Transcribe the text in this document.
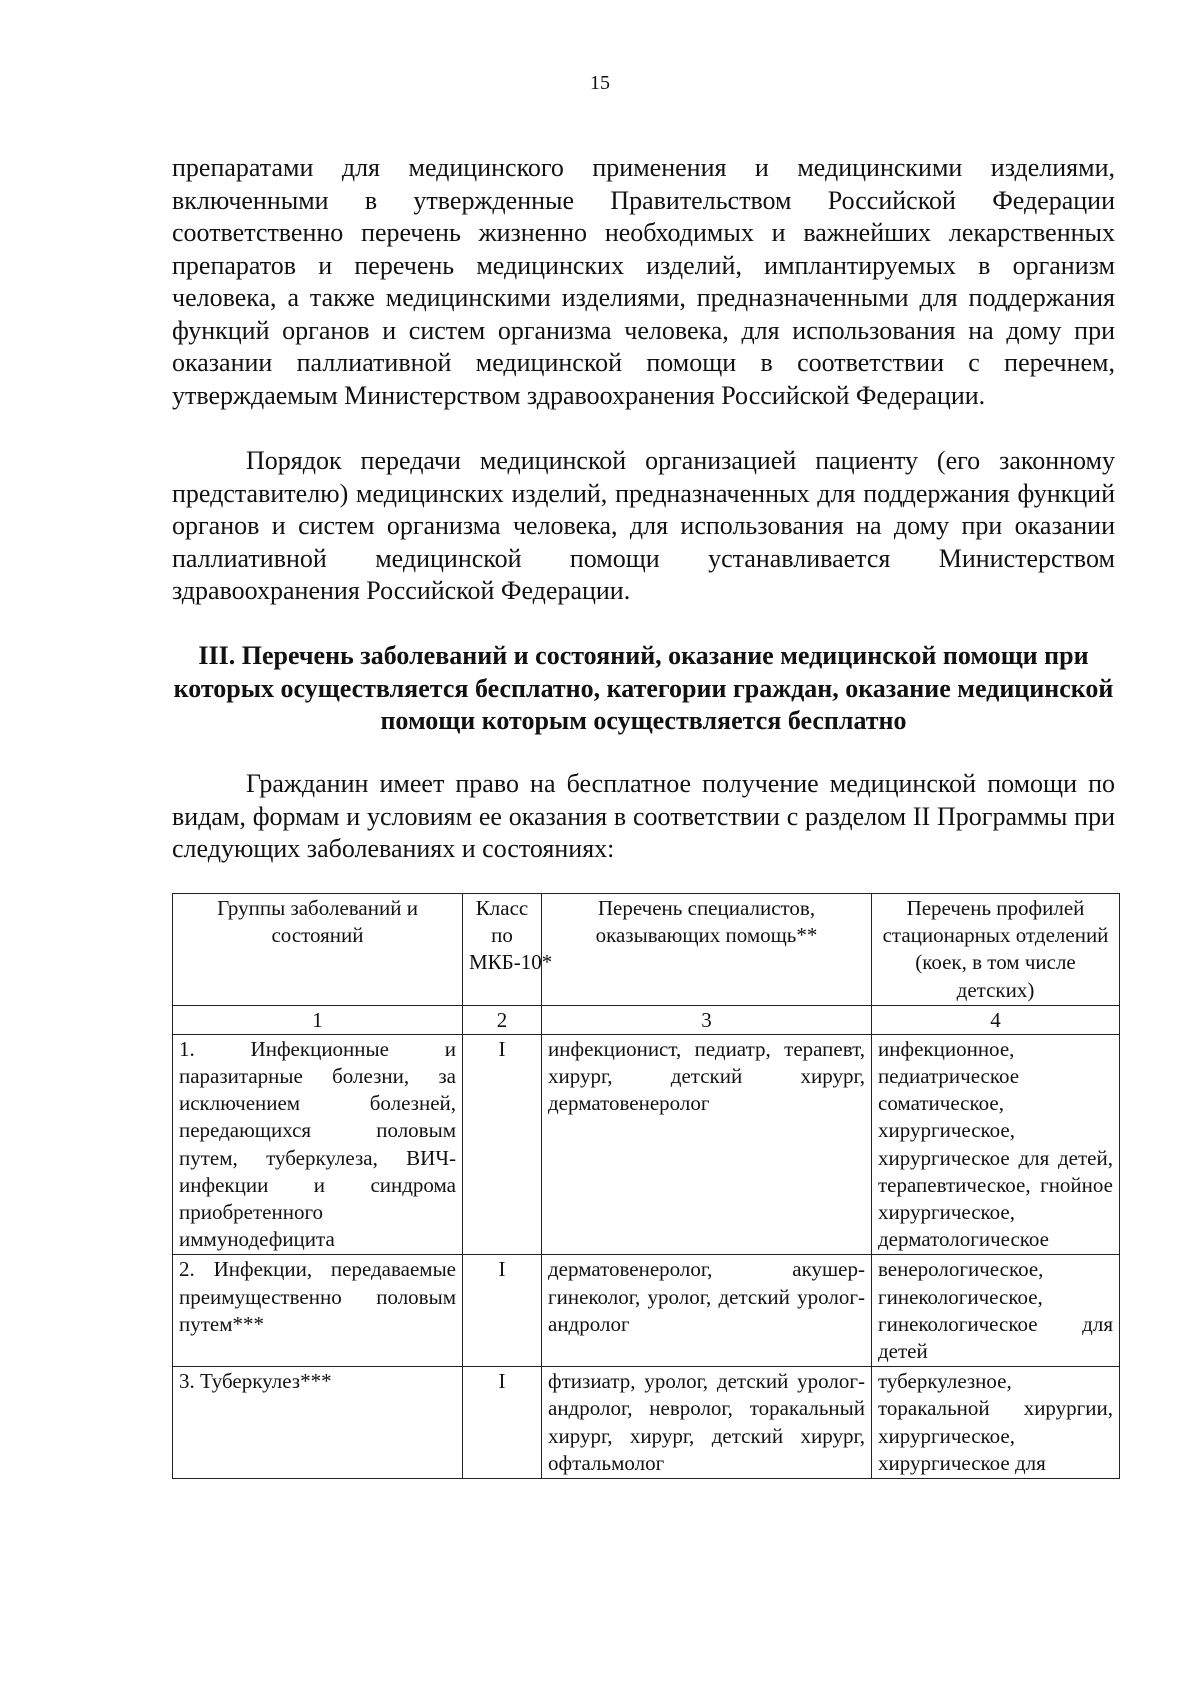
15

препаратами для медицинского применения и медицинскими изделиями, включенными в утвержденные Правительством Российской Федерации соответственно перечень жизненно необходимых и важнейших лекарственных препаратов и перечень медицинских изделий, имплантируемых в организм человека, а также медицинскими изделиями, предназначенными для поддержания функций органов и систем организма человека, для использования на дому при оказании паллиативной медицинской помощи в соответствии с перечнем, утверждаемым Министерством здравоохранения Российской Федерации.

Порядок передачи медицинской организацией пациенту (его законному представителю) медицинских изделий, предназначенных для поддержания функций органов и систем организма человека, для использования на дому при оказании паллиативной медицинской помощи устанавливается Министерством здравоохранения Российской Федерации.

III. Перечень заболеваний и состояний, оказание медицинской помощи при которых осуществляется бесплатно, категории граждан, оказание медицинской помощи которым осуществляется бесплатно

Гражданин имеет право на бесплатное получение медицинской помощи по видам, формам и условиям ее оказания в соответствии с разделом II Программы при следующих заболеваниях и состояниях:

Группы заболеваний и состояний	Класс по МКБ-10*	Перечень специалистов, оказывающих помощь**	Перечень профилей стационарных отделений (коек, в том числе детских)
1	2	3	4
1. Инфекционные и паразитарные болезни, за исключением болезней, передающихся половым путем, туберкулеза, ВИЧ-инфекции и синдрома приобретенного иммунодефицита	I	инфекционист, педиатр, терапевт, хирург, детский хирург, дерматовенеролог	инфекционное, педиатрическое соматическое, хирургическое, хирургическое для детей, терапевтическое, гнойное хирургическое, дерматологическое
2. Инфекции, передаваемые преимущественно половым путем***	I	дерматовенеролог, акушер-гинеколог, уролог, детский уролог-андролог	венерологическое, гинекологическое, гинекологическое для детей
3. Туберкулез***	I	фтизиатр, уролог, детский уролог-андролог, невролог, торакальный хирург, хирург, детский хирург, офтальмолог	туберкулезное, торакальной хирургии, хирургическое, хирургическое для
